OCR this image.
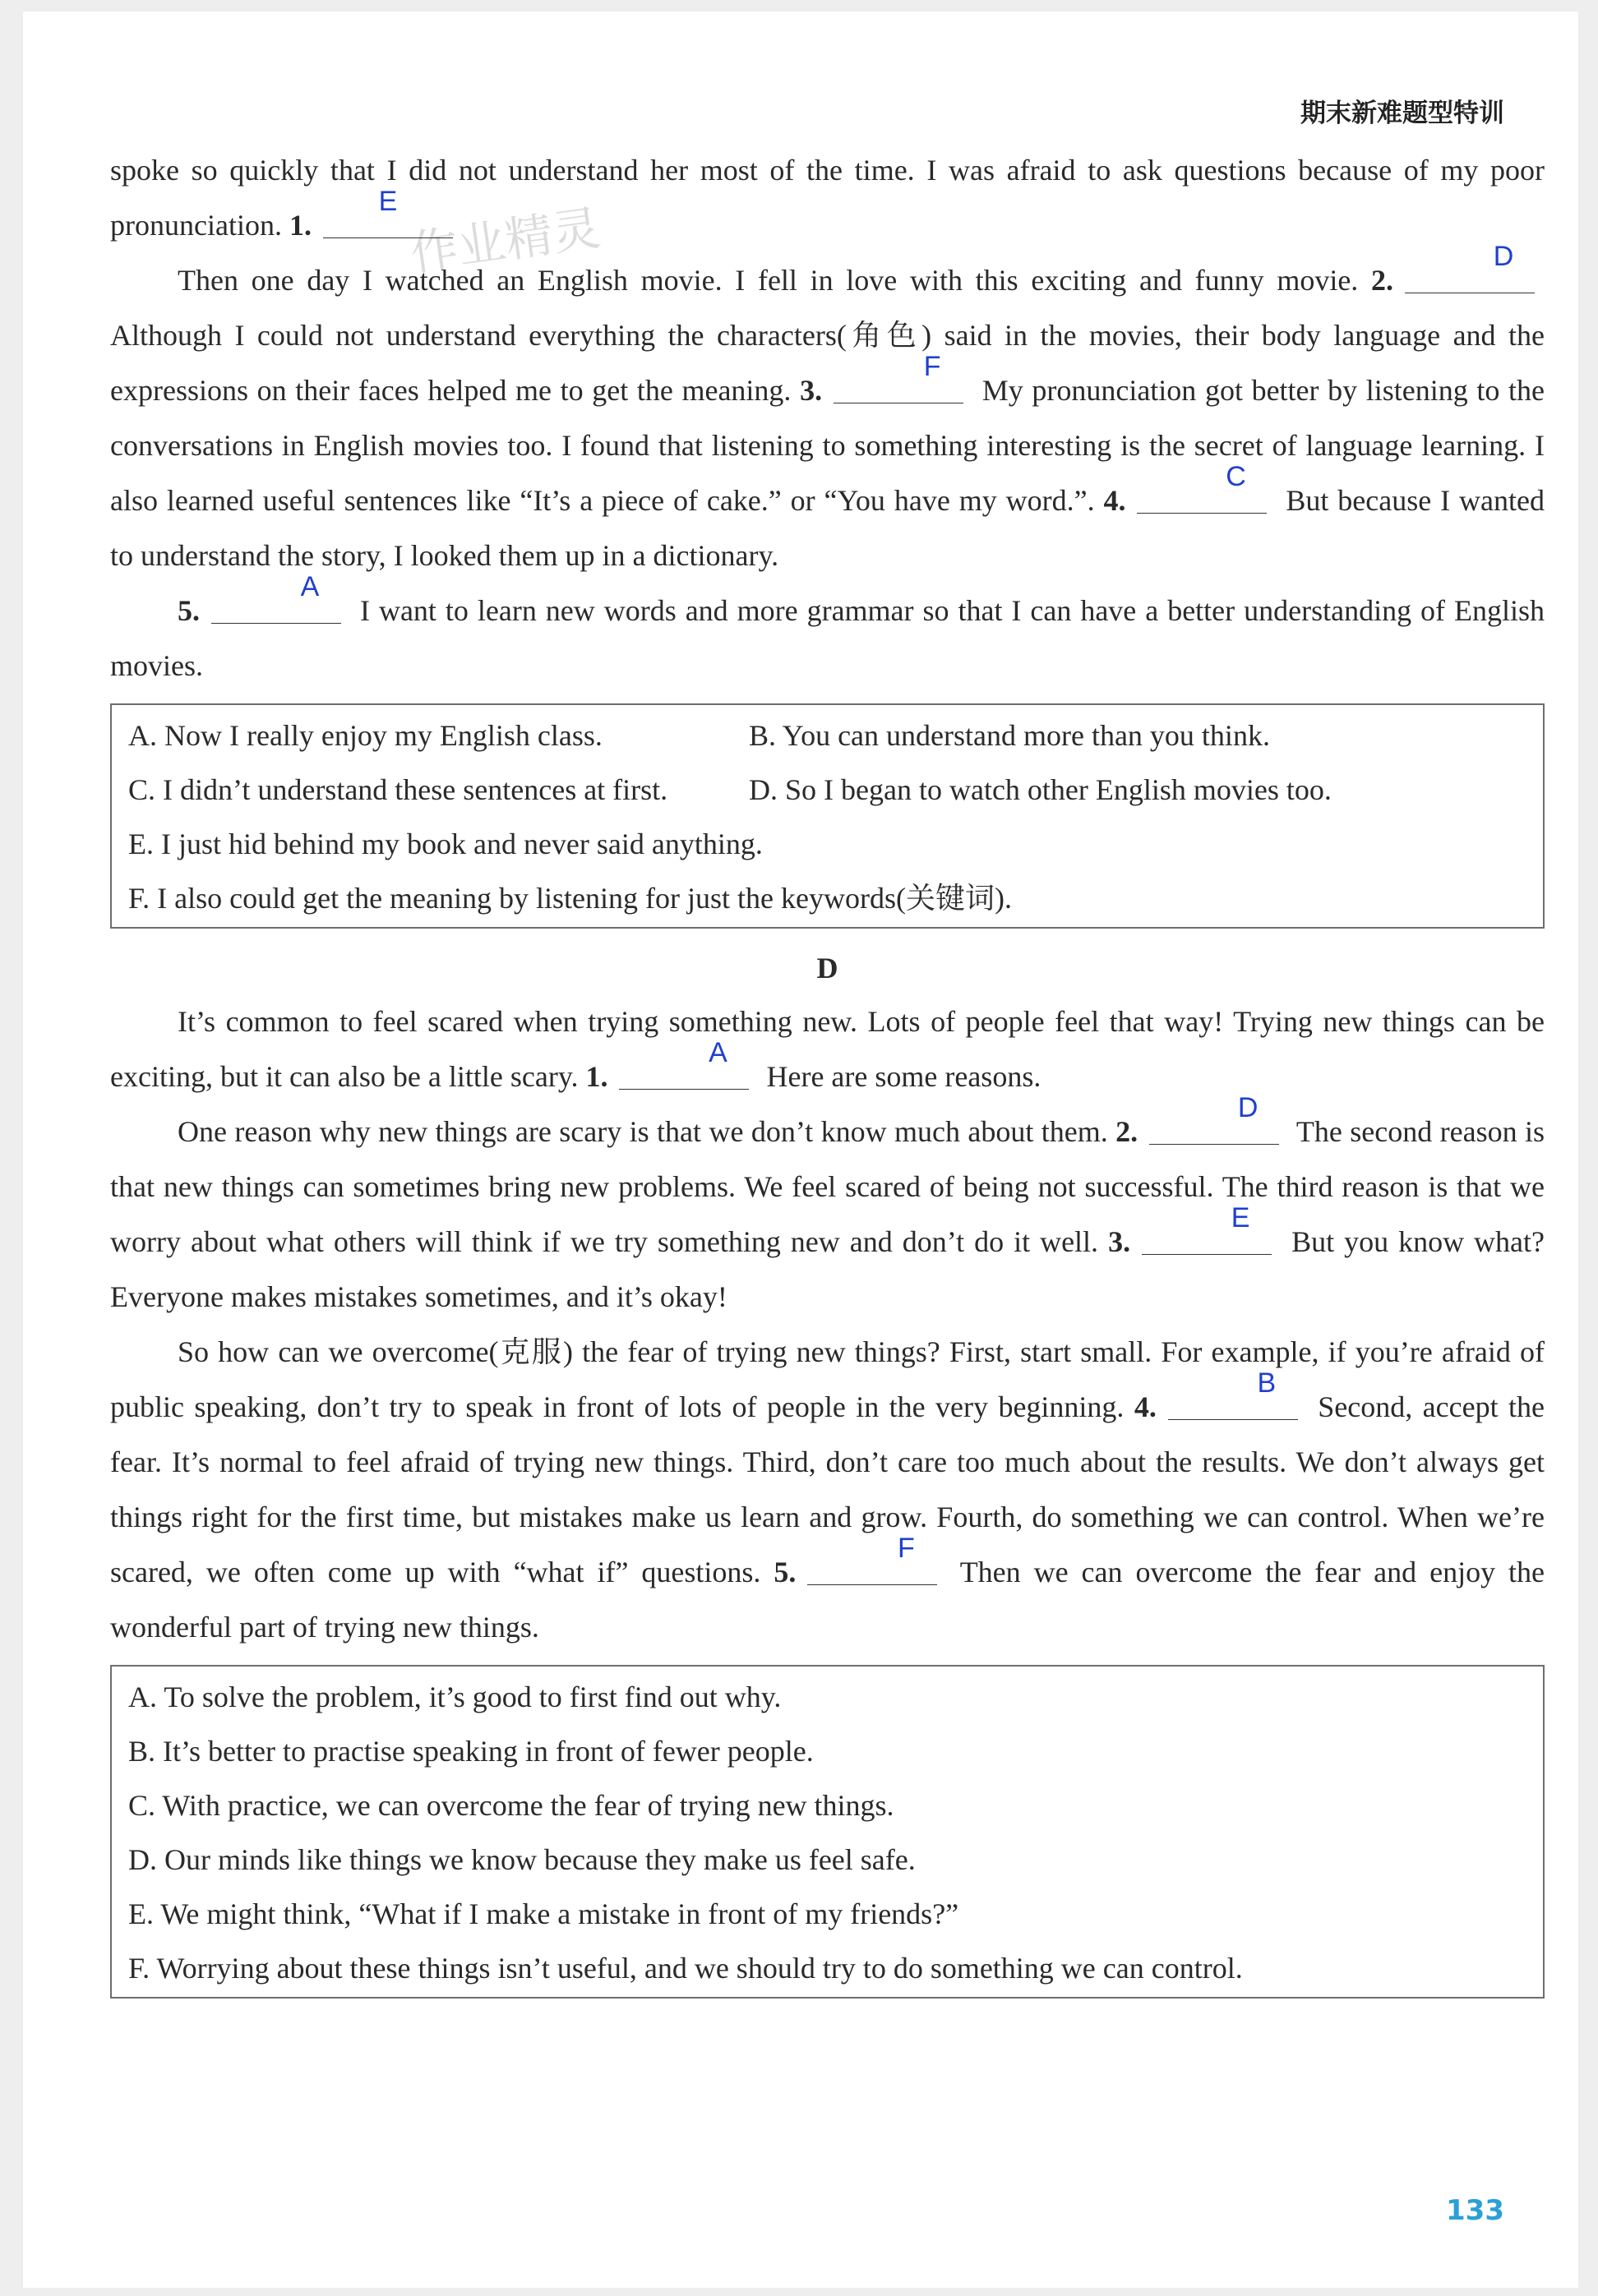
期末新难题型特训
作业精灵

spoke so quickly that I did not understand her most of the time. I was afraid to ask questions because of my poor pronunciation. 1.
E

Then one day I watched an English movie. I fell in love with this exciting and funny movie. 2.
D
Although I could not understand everything the characters(角色) said in the movies, their body language and the expressions on their faces helped me to get the meaning. 3.
F
My pronunciation got better by listening to the conversations in English movies too. I found that listening to something interesting is the secret of language learning. I also learned useful sentences like “It’s a piece of cake.” or “You have my word.”. 4.
C
But because I wanted to understand the story, I looked them up in a dictionary.

5.
A
I want to learn new words and more grammar so that I can have a better understanding of English movies.

A. Now I really enjoy my English class.	B. You can understand more than you think.
C. I didn’t understand these sentences at first.	D. So I began to watch other English movies too.
E. I just hid behind my book and never said anything.
F. I also could get the meaning by listening for just the keywords(关键词).
D

It’s common to feel scared when trying something new. Lots of people feel that way! Trying new things can be exciting, but it can also be a little scary. 1.
A
Here are some reasons.

One reason why new things are scary is that we don’t know much about them. 2.
D
The second reason is that new things can sometimes bring new problems. We feel scared of being not successful. The third reason is that we worry about what others will think if we try something new and don’t do it well. 3.
E
But you know what? Everyone makes mistakes sometimes, and it’s okay!

So how can we overcome(克服) the fear of trying new things? First, start small. For example, if you’re afraid of public speaking, don’t try to speak in front of lots of people in the very beginning. 4.
B
Second, accept the fear. It’s normal to feel afraid of trying new things. Third, don’t care too much about the results. We don’t always get things right for the first time, but mistakes make us learn and grow. Fourth, do something we can control. When we’re scared, we often come up with “what if” questions. 5.
F
Then we can overcome the fear and enjoy the wonderful part of trying new things.

A. To solve the problem, it’s good to first find out why.
B. It’s better to practise speaking in front of fewer people.
C. With practice, we can overcome the fear of trying new things.
D. Our minds like things we know because they make us feel safe.
E. We might think, “What if I make a mistake in front of my friends?”
F. Worrying about these things isn’t useful, and we should try to do something we can control.
133
